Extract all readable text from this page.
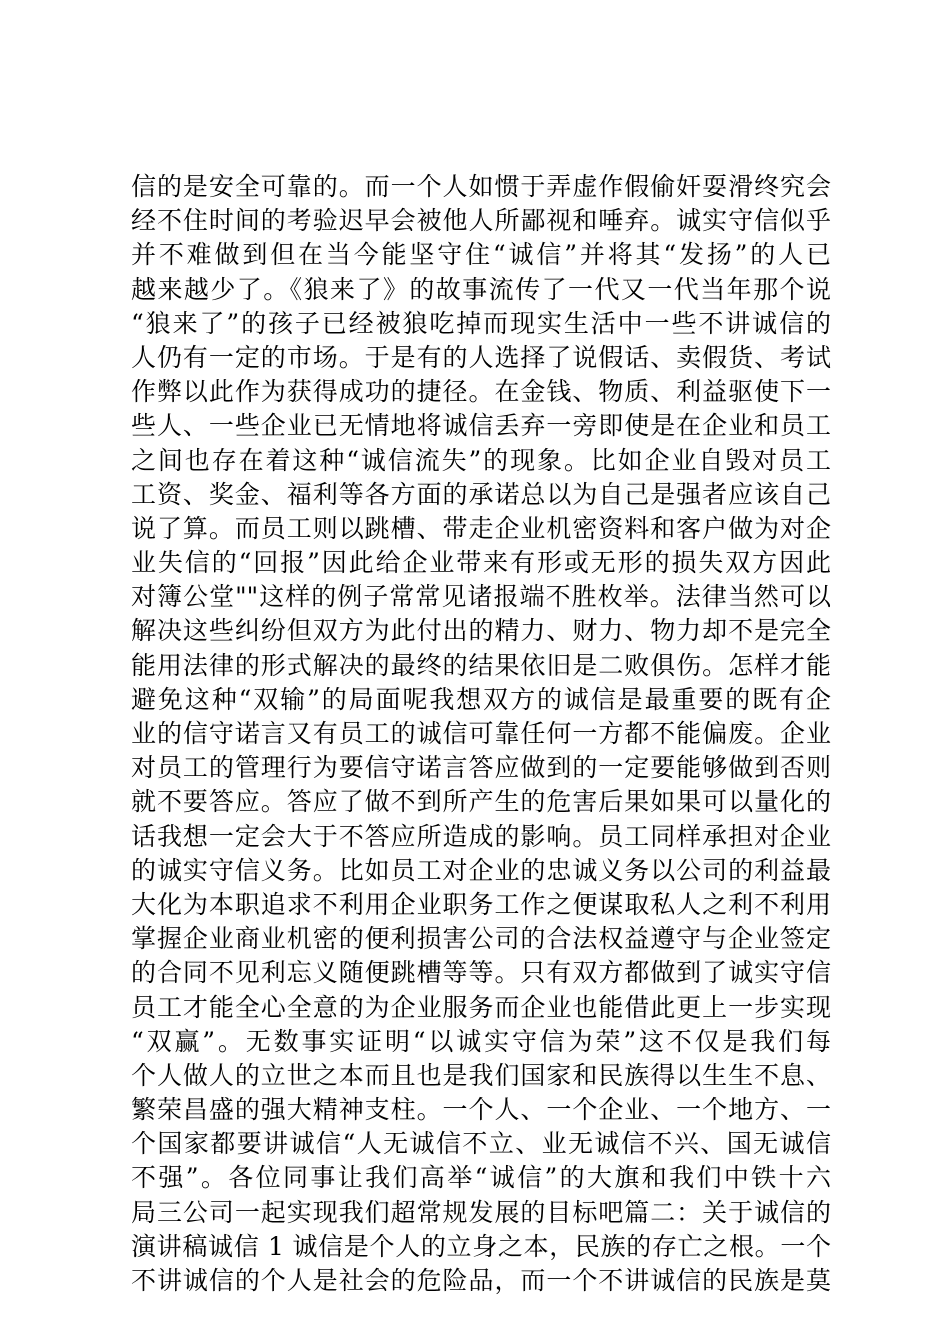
信的是安全可靠的。而一个人如惯于弄虚作假偷奸耍滑终究会
经不住时间的考验迟早会被他人所鄙视和唾弃。诚实守信似乎
并不难做到但在当今能坚守住“诚信”并将其“发扬”的人已
越来越少了。《狼来了》的故事流传了一代又一代当年那个说
“狼来了”的孩子已经被狼吃掉而现实生活中一些不讲诚信的
人仍有一定的市场。于是有的人选择了说假话、卖假货、考试
作弊以此作为获得成功的捷径。在金钱、物质、利益驱使下一
些人、一些企业已无情地将诚信丢弃一旁即使是在企业和员工
之间也存在着这种“诚信流失”的现象。比如企业自毁对员工
工资、奖金、福利等各方面的承诺总以为自己是强者应该自己
说了算。而员工则以跳槽、带走企业机密资料和客户做为对企
业失信的“回报”因此给企业带来有形或无形的损失双方因此
对簿公堂""这样的例子常常见诸报端不胜枚举。法律当然可以
解决这些纠纷但双方为此付出的精力、财力、物力却不是完全
能用法律的形式解决的最终的结果依旧是二败俱伤。怎样才能
避免这种“双输”的局面呢我想双方的诚信是最重要的既有企
业的信守诺言又有员工的诚信可靠任何一方都不能偏废。企业
对员工的管理行为要信守诺言答应做到的一定要能够做到否则
就不要答应。答应了做不到所产生的危害后果如果可以量化的
话我想一定会大于不答应所造成的影响。员工同样承担对企业
的诚实守信义务。比如员工对企业的忠诚义务以公司的利益最
大化为本职追求不利用企业职务工作之便谋取私人之利不利用
掌握企业商业机密的便利损害公司的合法权益遵守与企业签定
的合同不见利忘义随便跳槽等等。只有双方都做到了诚实守信
员工才能全心全意的为企业服务而企业也能借此更上一步实现
“双赢”。无数事实证明“以诚实守信为荣”这不仅是我们每
个人做人的立世之本而且也是我们国家和民族得以生生不息、
繁荣昌盛的强大精神支柱。一个人、一个企业、一个地方、一
个国家都要讲诚信“人无诚信不立、业无诚信不兴、国无诚信
不强”。各位同事让我们高举“诚信”的大旗和我们中铁十六
局三公司一起实现我们超常规发展的目标吧篇二：关于诚信的
演讲稿诚信 1 诚信是个人的立身之本，民族的存亡之根。一个
不讲诚信的个人是社会的危险品，而一个不讲诚信的民族是莫
